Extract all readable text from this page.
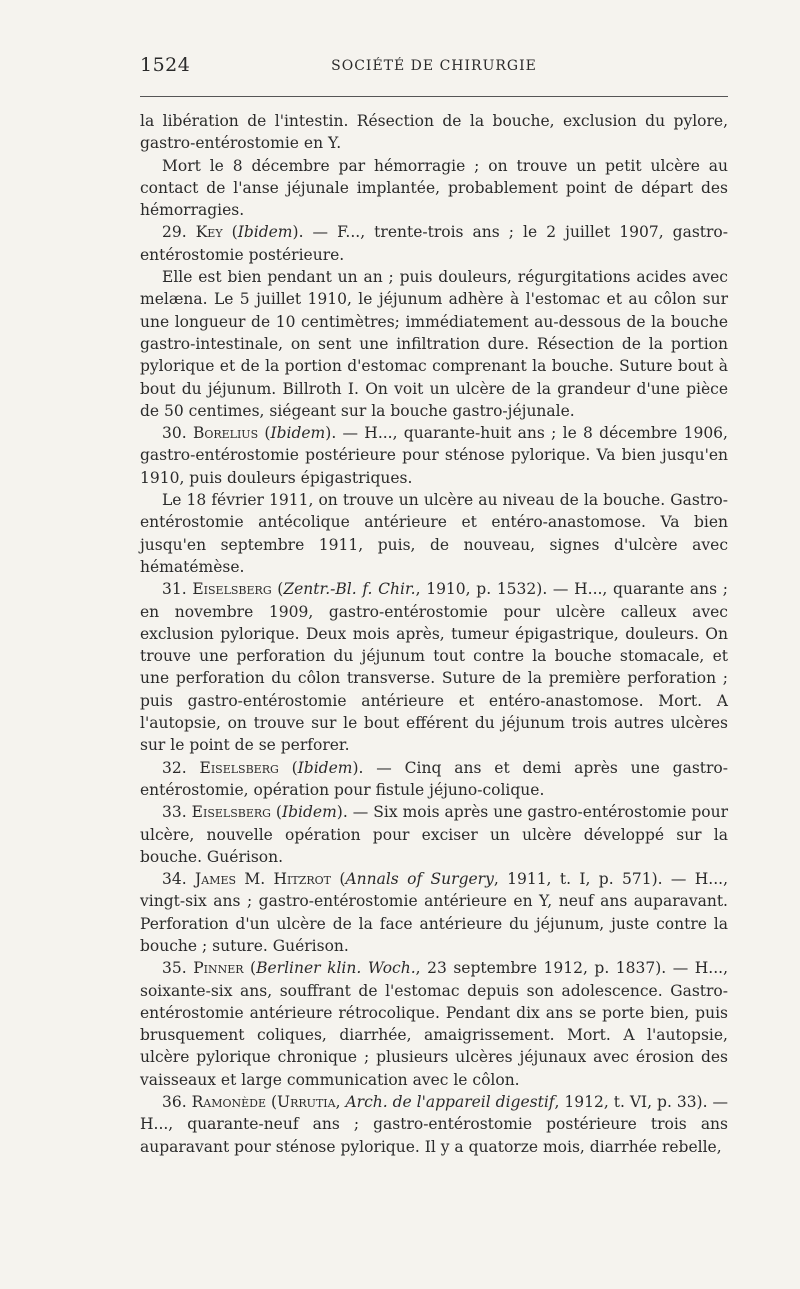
1524	SOCIÉTÉ DE CHIRURGIE

la libération de l'intestin. Résection de la bouche, exclusion du pylore, gastro-entérostomie en Y.

Mort le 8 décembre par hémorragie ; on trouve un petit ulcère au contact de l'anse jéjunale implantée, probablement point de départ des hémorragies.

29. Key (Ibidem). — F..., trente-trois ans ; le 2 juillet 1907, gastro-entérostomie postérieure.

Elle est bien pendant un an ; puis douleurs, régurgitations acides avec melæna. Le 5 juillet 1910, le jéjunum adhère à l'estomac et au côlon sur une longueur de 10 centimètres; immédiatement au-dessous de la bouche gastro-intestinale, on sent une infiltration dure. Résection de la portion pylorique et de la portion d'estomac comprenant la bouche. Suture bout à bout du jéjunum. Billroth I. On voit un ulcère de la grandeur d'une pièce de 50 centimes, siégeant sur la bouche gastro-jéjunale.

30. Borelius (Ibidem). — H..., quarante-huit ans ; le 8 décembre 1906, gastro-entérostomie postérieure pour sténose pylorique. Va bien jusqu'en 1910, puis douleurs épigastriques.

Le 18 février 1911, on trouve un ulcère au niveau de la bouche. Gastro-entérostomie antécolique antérieure et entéro-anastomose. Va bien jusqu'en septembre 1911, puis, de nouveau, signes d'ulcère avec hématémèse.

31. Eiselsberg (Zentr.-Bl. f. Chir., 1910, p. 1532). — H..., quarante ans ; en novembre 1909, gastro-entérostomie pour ulcère calleux avec exclusion pylorique. Deux mois après, tumeur épigastrique, douleurs. On trouve une perforation du jéjunum tout contre la bouche stomacale, et une perforation du côlon transverse. Suture de la première perforation ; puis gastro-entérostomie antérieure et entéro-anastomose. Mort. A l'autopsie, on trouve sur le bout efférent du jéjunum trois autres ulcères sur le point de se perforer.

32. Eiselsberg (Ibidem). — Cinq ans et demi après une gastro-entérostomie, opération pour fistule jéjuno-colique.

33. Eiselsberg (Ibidem). — Six mois après une gastro-entérostomie pour ulcère, nouvelle opération pour exciser un ulcère développé sur la bouche. Guérison.

34. James M. Hitzrot (Annals of Surgery, 1911, t. I, p. 571). — H..., vingt-six ans ; gastro-entérostomie antérieure en Y, neuf ans auparavant. Perforation d'un ulcère de la face antérieure du jéjunum, juste contre la bouche ; suture. Guérison.

35. Pinner (Berliner klin. Woch., 23 septembre 1912, p. 1837). — H..., soixante-six ans, souffrant de l'estomac depuis son adolescence. Gastro-entérostomie antérieure rétrocolique. Pendant dix ans se porte bien, puis brusquement coliques, diarrhée, amaigrissement. Mort. A l'autopsie, ulcère pylorique chronique ; plusieurs ulcères jéjunaux avec érosion des vaisseaux et large communication avec le côlon.

36. Ramonède (Urrutia, Arch. de l'appareil digestif, 1912, t. VI, p. 33). — H..., quarante-neuf ans ; gastro-entérostomie postérieure trois ans auparavant pour sténose pylorique. Il y a quatorze mois, diarrhée rebelle,
